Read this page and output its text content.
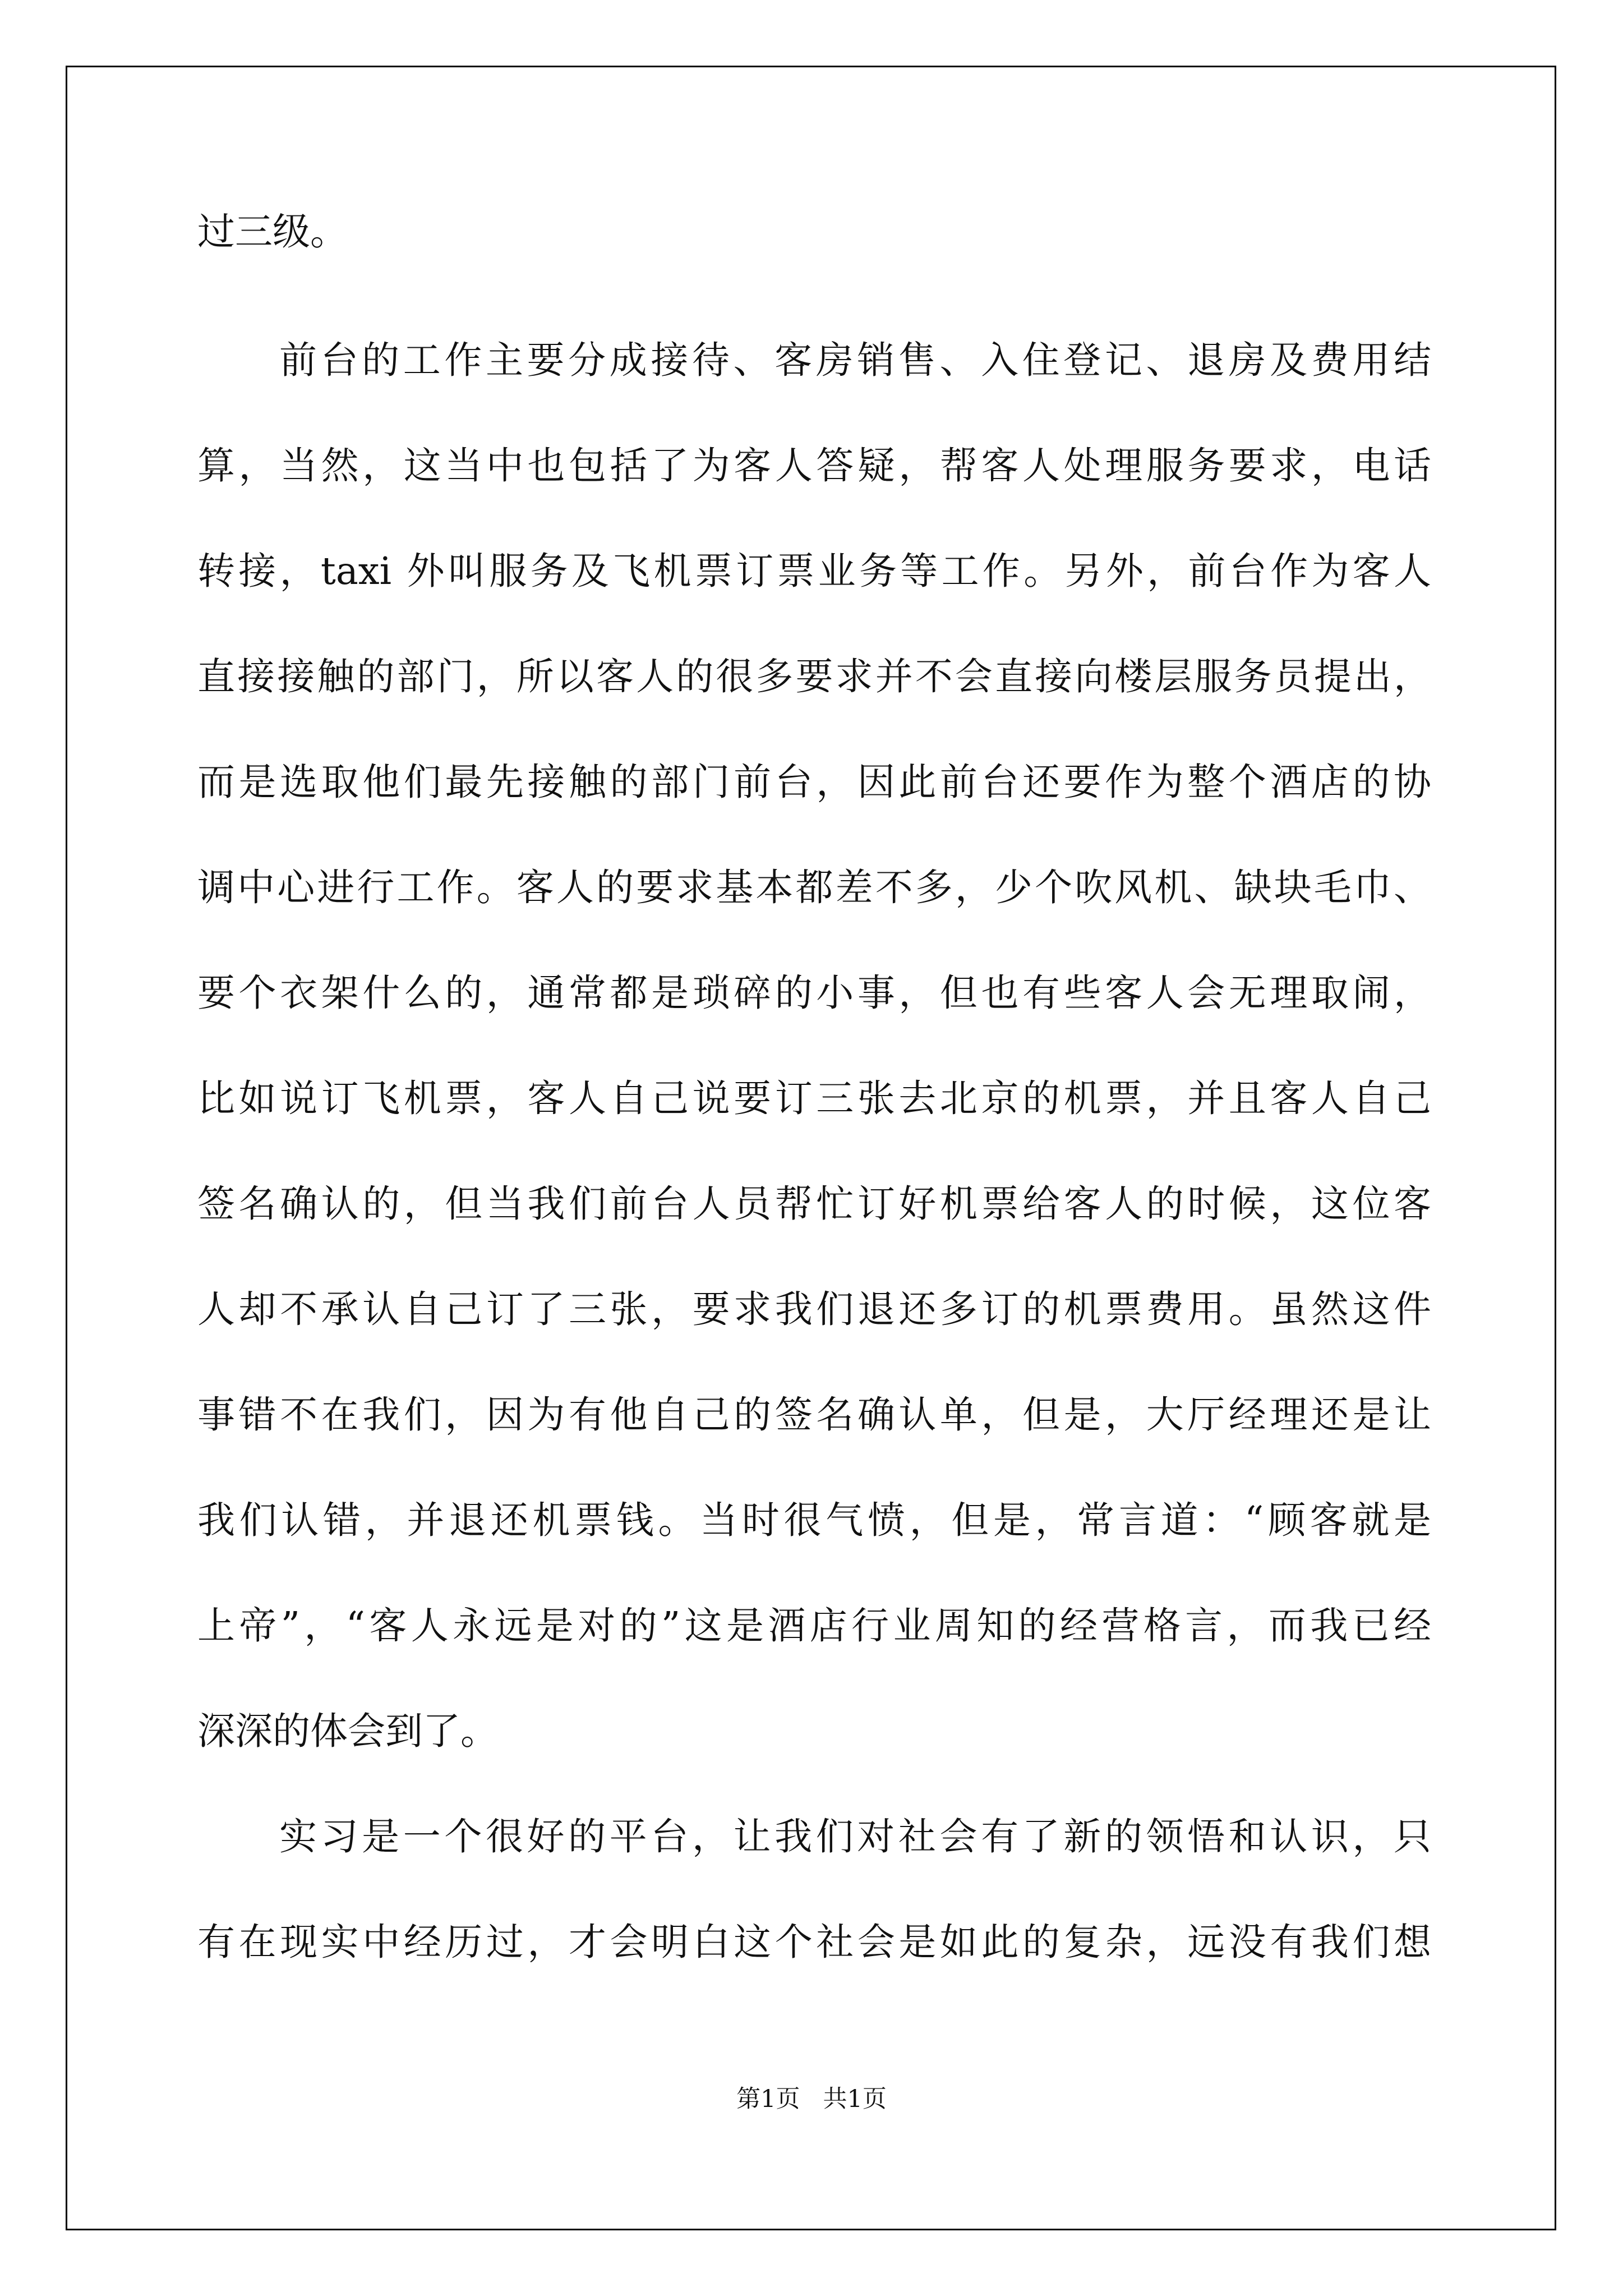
过三级。
前台的工作主要分成接待、客房销售、入住登记、退房及费用结
算，当然，这当中也包括了为客人答疑，帮客人处理服务要求，电话
转接，taxi 外叫服务及飞机票订票业务等工作。另外，前台作为客人
直接接触的部门，所以客人的很多要求并不会直接向楼层服务员提出，
而是选取他们最先接触的部门前台，因此前台还要作为整个酒店的协
调中心进行工作。客人的要求基本都差不多，少个吹风机、缺块毛巾、
要个衣架什么的，通常都是琐碎的小事，但也有些客人会无理取闹，
比如说订飞机票，客人自己说要订三张去北京的机票，并且客人自己
签名确认的，但当我们前台人员帮忙订好机票给客人的时候，这位客
人却不承认自己订了三张，要求我们退还多订的机票费用。虽然这件
事错不在我们，因为有他自己的签名确认单，但是，大厅经理还是让
我们认错，并退还机票钱。当时很气愤，但是，常言道：“顾客就是
上帝”，“客人永远是对的”这是酒店行业周知的经营格言，而我已经
深深的体会到了。
实习是一个很好的平台，让我们对社会有了新的领悟和认识，只
有在现实中经历过，才会明白这个社会是如此的复杂，远没有我们想
第1页   共1页
